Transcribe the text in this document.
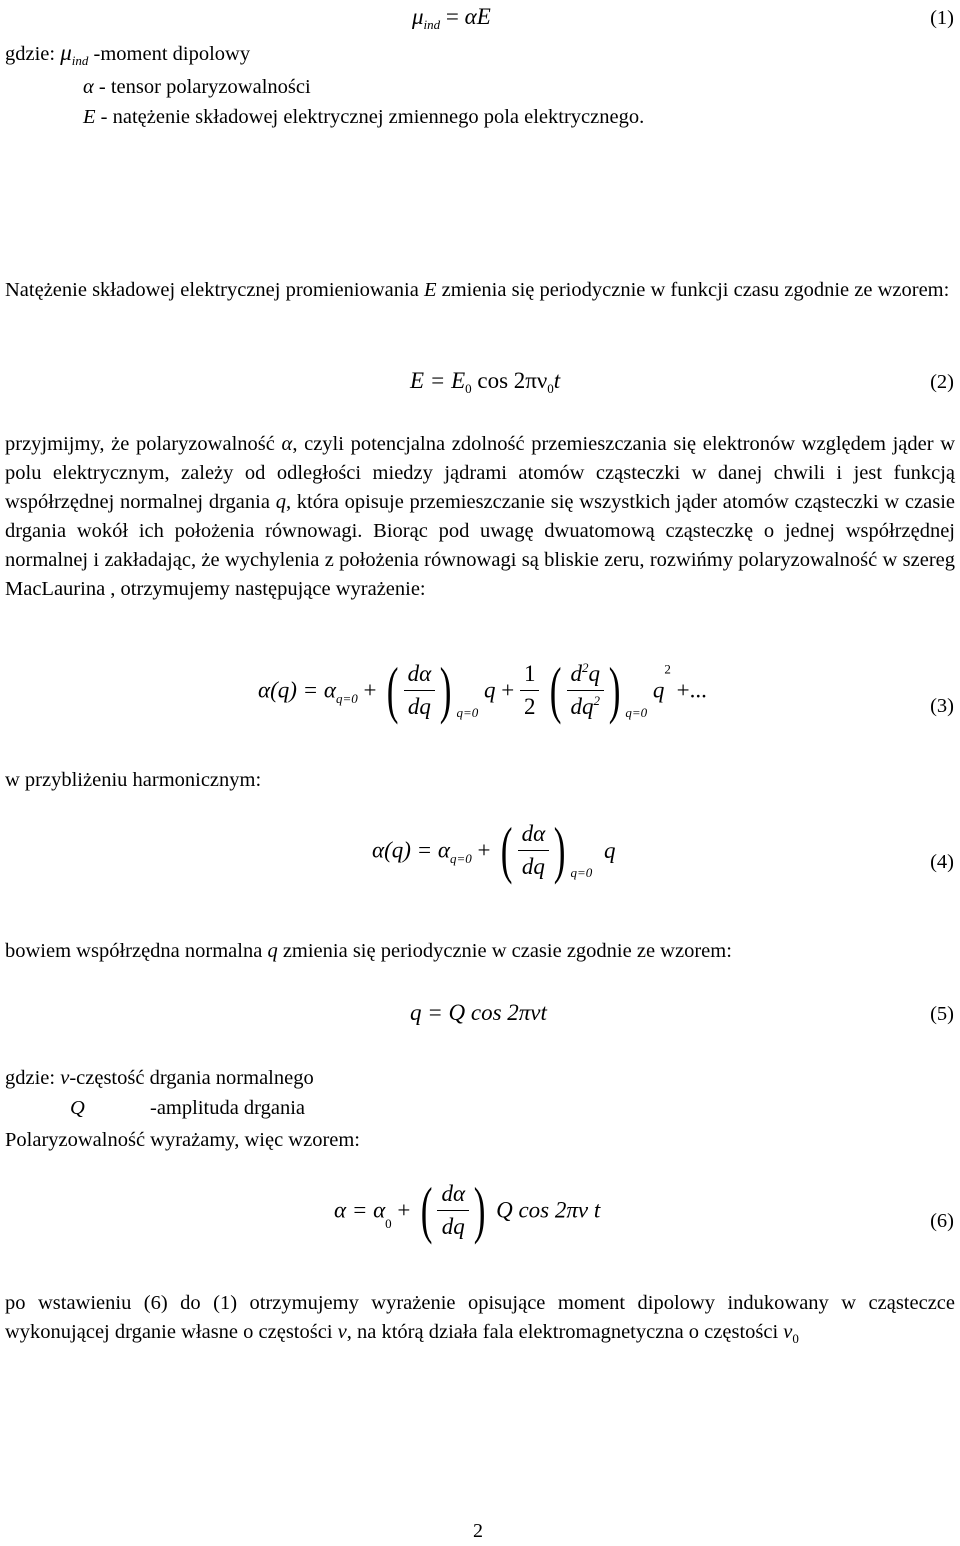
$\mu_{ind} = \alpha E$	(1)
gdzie: $\mu_{ind}$ -moment dipolowy
α - tensor polaryzowalności
E - natężenie składowej elektrycznej zmiennego pola elektrycznego.

Natężenie składowej elektrycznej promieniowania E zmienia się periodycznie w funkcji czasu zgodnie ze wzorem:

$E = E_0$ $\cos 2\pi\nu_0t$	(2)

przyjmijmy, że polaryzowalność α, czyli potencjalna zdolność przemieszczania się elektronów względem jąder w polu elektrycznym, zależy od odległości miedzy jądrami atomów cząsteczki w danej chwili i jest funkcją współrzędnej normalnej drgania q, która opisuje przemieszczanie się wszystkich jąder atomów cząsteczki w czasie drgania wokół ich położenia równowagi. Biorąc pod uwagę dwuatomową cząsteczkę o jednej współrzędnej normalnej i zakładając, że wychylenia z położenia równowagi są bliskie zeru, rozwińmy polaryzowalność w szereg MacLaurina , otrzymujemy następujące wyrażenie:

$\alpha(q) = \alpha_{q=0}$ + ( $\frac{d\alpha}{dq}$ ) $_{q=0}$ $q + \frac{1}{2}$ ( $\frac{d^2q}{dq^2}$ ) $_{q=0}$ $q^2$ +...
(3)
w przybliżeniu harmonicznym:
$\alpha(q) = \alpha_{q=0}$ + ( $\frac{d\alpha}{dq}$ ) $_{q=0}$ q	(4)
bowiem współrzędna normalna q zmienia się periodycznie w czasie zgodnie ze wzorem:
q = Q cos 2πνt	(5)
gdzie: ν-częstość drgania normalnego
Q	-amplituda drgania
Polaryzowalność wyrażamy, więc wzorem:
$\alpha = \alpha_0$ + ( $\frac{d\alpha}{dq}$ ) Q cos 2πν t	(6)

po wstawieniu (6) do (1) otrzymujemy wyrażenie opisujące moment dipolowy indukowany w cząsteczce wykonującej drganie własne o częstości ν, na którą działa fala elektromagnetyczna o częstości $\nu_0$

2
